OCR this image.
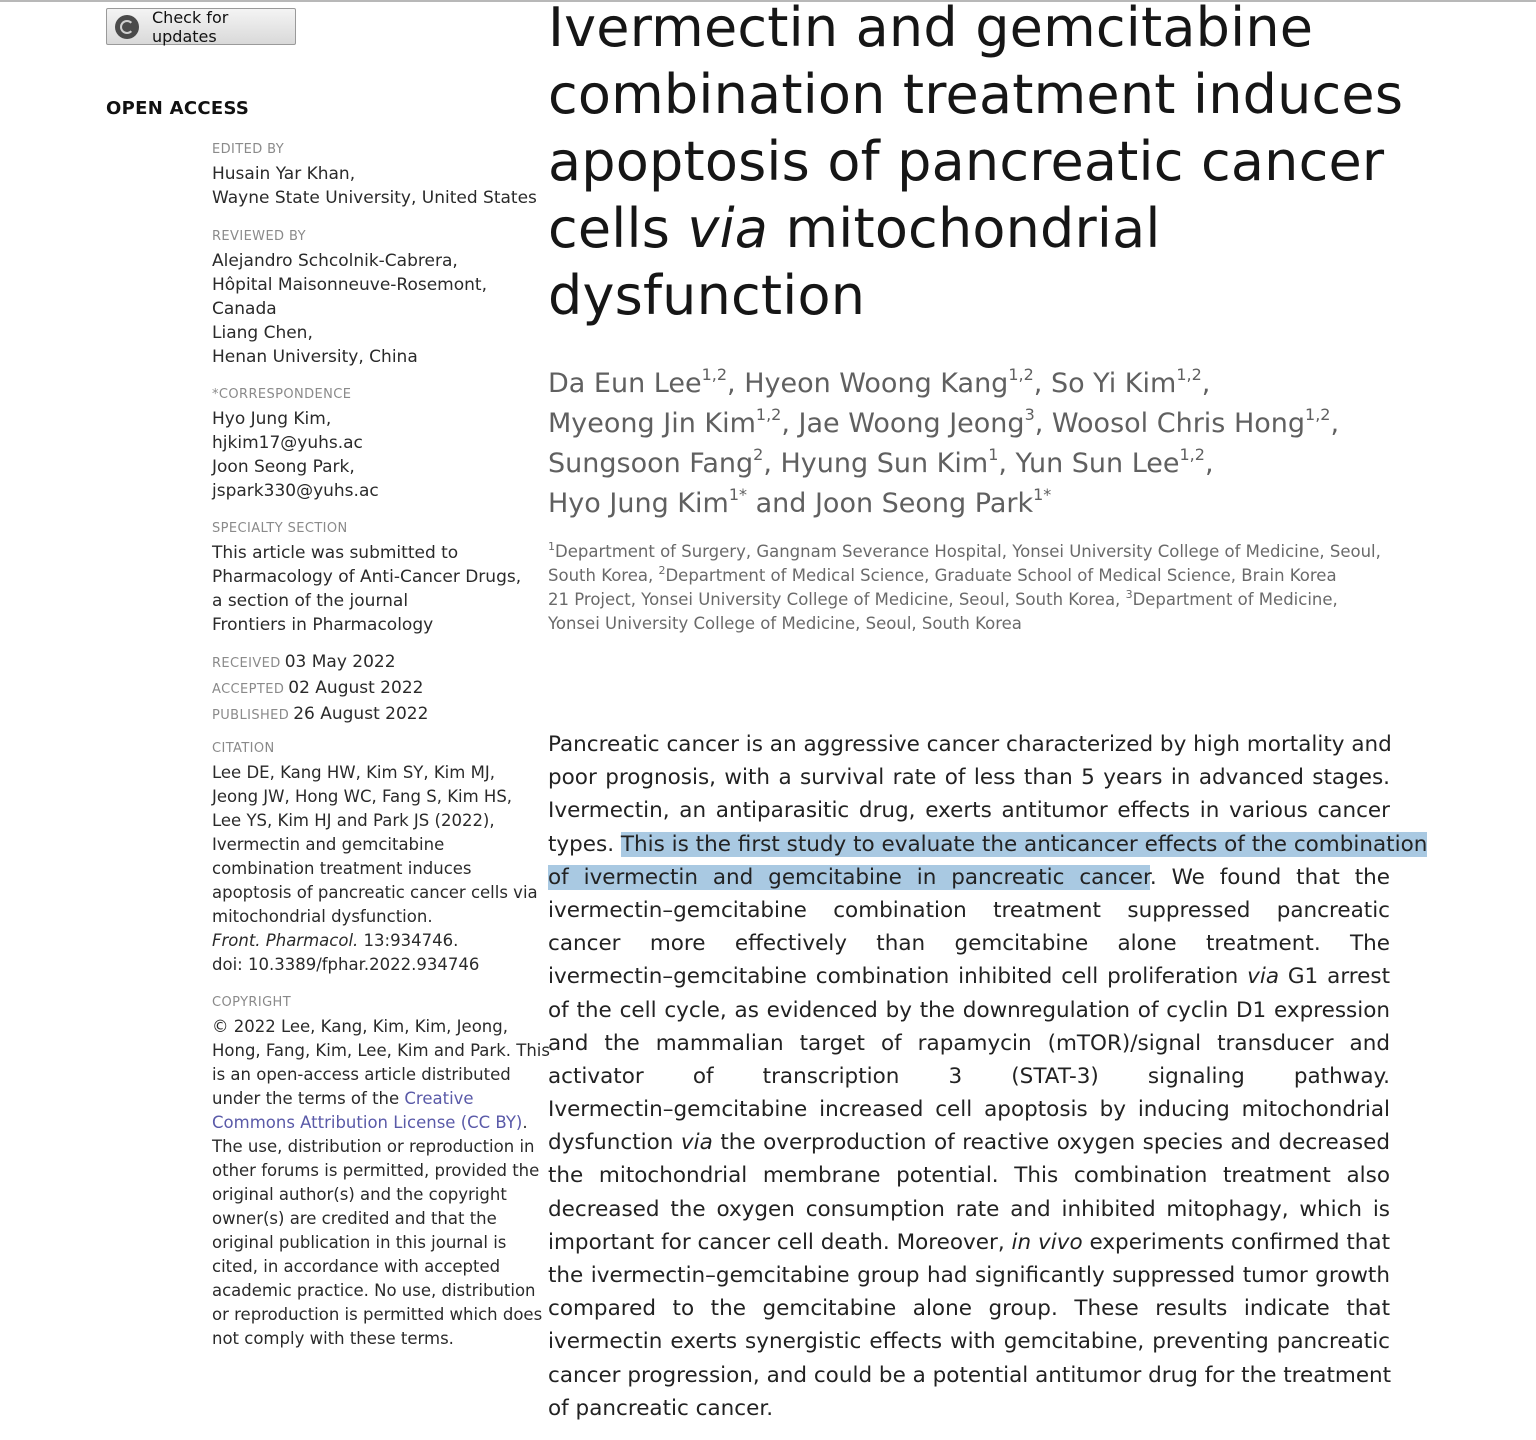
Check for updates
OPEN ACCESS
EDITED BY
Husain Yar Khan,
Wayne State University, United States
REVIEWED BY
Alejandro Schcolnik-Cabrera,
Hôpital Maisonneuve-Rosemont,
Canada
Liang Chen,
Henan University, China
*CORRESPONDENCE
Hyo Jung Kim,
hjkim17@yuhs.ac
Joon Seong Park,
jspark330@yuhs.ac
SPECIALTY SECTION
This article was submitted to
Pharmacology of Anti-Cancer Drugs,
a section of the journal
Frontiers in Pharmacology
RECEIVED 03 May 2022
ACCEPTED 02 August 2022
PUBLISHED 26 August 2022
CITATION
Lee DE, Kang HW, Kim SY, Kim MJ,
Jeong JW, Hong WC, Fang S, Kim HS,
Lee YS, Kim HJ and Park JS (2022),
Ivermectin and gemcitabine
combination treatment induces
apoptosis of pancreatic cancer cells via
mitochondrial dysfunction.
Front. Pharmacol. 13:934746.
doi: 10.3389/fphar.2022.934746
COPYRIGHT
© 2022 Lee, Kang, Kim, Kim, Jeong,
Hong, Fang, Kim, Lee, Kim and Park. This
is an open-access article distributed
under the terms of the Creative
Commons Attribution License (CC BY).
The use, distribution or reproduction in
other forums is permitted, provided the
original author(s) and the copyright
owner(s) are credited and that the
original publication in this journal is
cited, in accordance with accepted
academic practice. No use, distribution
or reproduction is permitted which does
not comply with these terms.
Ivermectin and gemcitabine
combination treatment induces
apoptosis of pancreatic cancer
cells via mitochondrial
dysfunction
Da Eun Lee$^{1,2}$, Hyeon Woong Kang$^{1,2}$, So Yi Kim$^{1,2}$,
Myeong Jin Kim$^{1,2}$, Jae Woong Jeong$^3$, Woosol Chris Hong$^{1,2}$,
Sungsoon Fang$^2$, Hyung Sun Kim$^1$, Yun Sun Lee$^{1,2}$,
Hyo Jung Kim$^{1*}$ and Joon Seong Park$^{1*}$
$^1$Department of Surgery, Gangnam Severance Hospital, Yonsei University College of Medicine, Seoul,
South Korea, $^2$Department of Medical Science, Graduate School of Medical Science, Brain Korea
21 Project, Yonsei University College of Medicine, Seoul, South Korea, $^3$Department of Medicine,
Yonsei University College of Medicine, Seoul, South Korea
Pancreatic cancer is an aggressive cancer characterized by high mortality and
poor prognosis, with a survival rate of less than 5 years in advanced stages.
Ivermectin, an antiparasitic drug, exerts antitumor effects in various cancer
types. This is the first study to evaluate the anticancer effects of the combination
of ivermectin and gemcitabine in pancreatic cancer. We found that the
ivermectin–gemcitabine combination treatment suppressed pancreatic
cancer more effectively than gemcitabine alone treatment. The
ivermectin–gemcitabine combination inhibited cell proliferation via G1 arrest
of the cell cycle, as evidenced by the downregulation of cyclin D1 expression
and the mammalian target of rapamycin (mTOR)/signal transducer and
activator of transcription 3 (STAT-3) signaling pathway.
Ivermectin–gemcitabine increased cell apoptosis by inducing mitochondrial
dysfunction via the overproduction of reactive oxygen species and decreased
the mitochondrial membrane potential. This combination treatment also
decreased the oxygen consumption rate and inhibited mitophagy, which is
important for cancer cell death. Moreover, in vivo experiments confirmed that
the ivermectin–gemcitabine group had significantly suppressed tumor growth
compared to the gemcitabine alone group. These results indicate that
ivermectin exerts synergistic effects with gemcitabine, preventing pancreatic
cancer progression, and could be a potential antitumor drug for the treatment
of pancreatic cancer.
